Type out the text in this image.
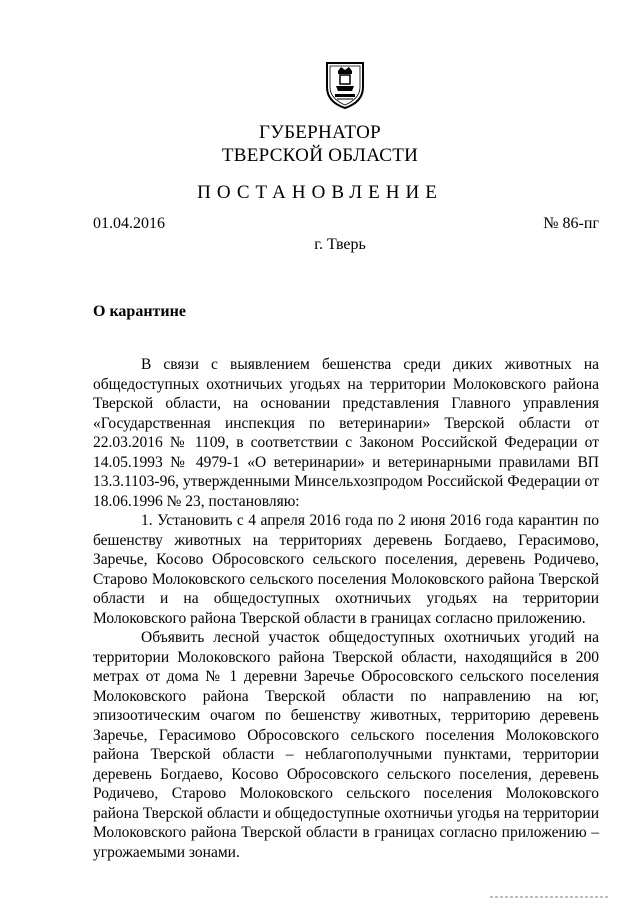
ГУБЕРНАТОР
ТВЕРСКОЙ ОБЛАСТИ
ПОСТАНОВЛЕНИЕ
01.04.2016	№ 86-пг
г. Тверь
О карантине

В связи с выявлением бешенства среди диких животных на общедоступных охотничьих угодьях на территории Молоковского района Тверской области, на основании представления Главного управления «Государственная инспекция по ветеринарии» Тверской области от 22.03.2016 № 1109, в соответствии с Законом Российской Федерации от 14.05.1993 № 4979-1 «О ветеринарии» и ветеринарными правилами ВП 13.3.1103-96, утвержденными Минсельхозпродом Российской Федерации от 18.06.1996 № 23, постановляю:

1. Установить с 4 апреля 2016 года по 2 июня 2016 года карантин по бешенству животных на территориях деревень Богдаево, Герасимово, Заречье, Косово Обросовского сельского поселения, деревень Родичево, Старово Молоковского сельского поселения Молоковского района Тверской области и на общедоступных охотничьих угодьях на территории Молоковского района Тверской области в границах согласно приложению.

Объявить лесной участок общедоступных охотничьих угодий на территории Молоковского района Тверской области, находящийся в 200 метрах от дома № 1 деревни Заречье Обросовского сельского поселения Молоковского района Тверской области по направлению на юг, эпизоотическим очагом по бешенству животных, территорию деревень Заречье, Герасимово Обросовского сельского поселения Молоковского района Тверской области – неблагополучными пунктами, территории деревень Богдаево, Косово Обросовского сельского поселения, деревень Родичево, Старово Молоковского сельского поселения Молоковского района Тверской области и общедоступные охотничьи угодья на территории Молоковского района Тверской области в границах согласно приложению – угрожаемыми зонами.
